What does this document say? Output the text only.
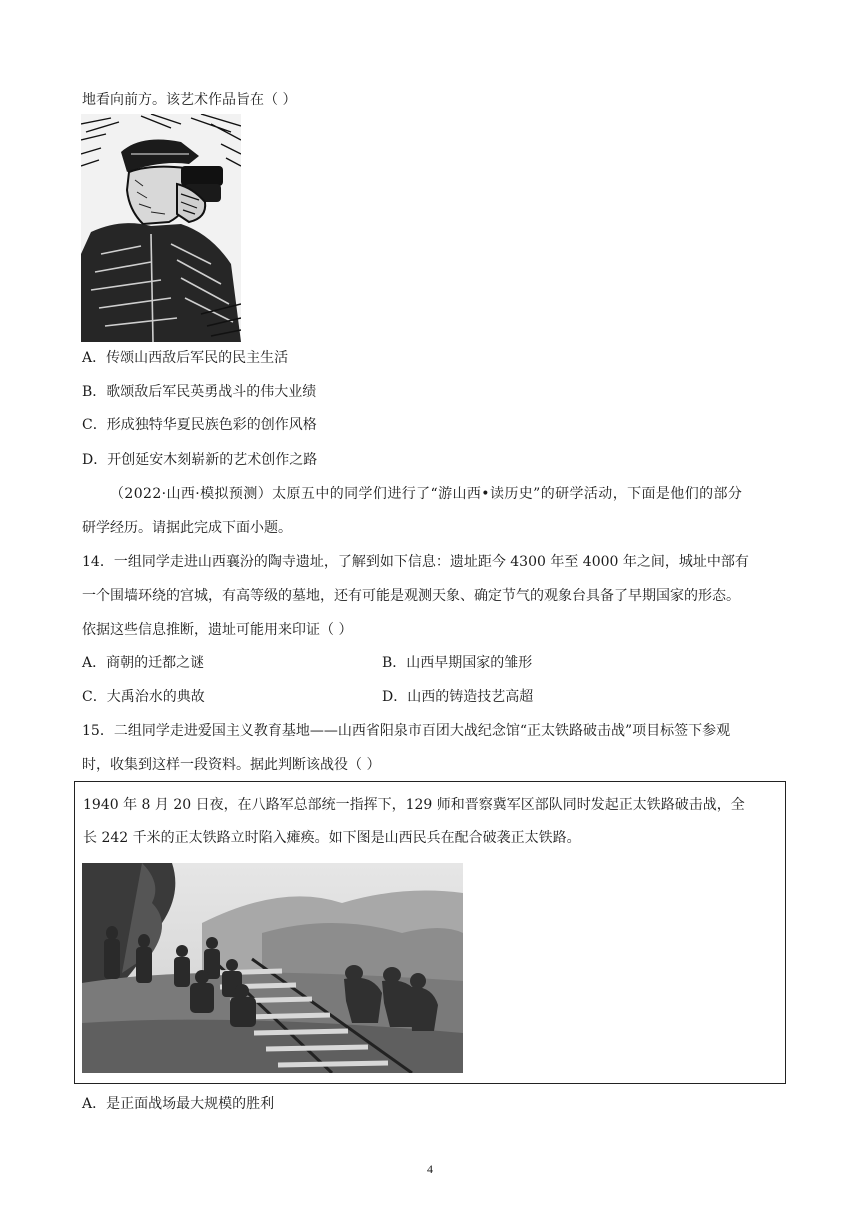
地看向前方。该艺术作品旨在（ ）
A．传颂山西敌后军民的民主生活
B．歌颂敌后军民英勇战斗的伟大业绩
C．形成独特华夏民族色彩的创作风格
D．开创延安木刻崭新的艺术创作之路
（2022·山西·模拟预测）太原五中的同学们进行了“游山西•读历史”的研学活动，下面是他们的部分
研学经历。请据此完成下面小题。
14．一组同学走进山西襄汾的陶寺遗址，了解到如下信息：遗址距今 4300 年至 4000 年之间，城址中部有
一个围墙环绕的宫城，有高等级的墓地，还有可能是观测天象、确定节气的观象台具备了早期国家的形态。
依据这些信息推断，遗址可能用来印证（ ）
A．商朝的迁都之谜	B．山西早期国家的雏形
C．大禹治水的典故	D．山西的铸造技艺高超
15．二组同学走进爱国主义教育基地——山西省阳泉市百团大战纪念馆“正太铁路破击战”项目标签下参观
时，收集到这样一段资料。据此判断该战役（ ）
1940 年 8 月 20 日夜，在八路军总部统一指挥下，129 师和晋察冀军区部队同时发起正太铁路破击战，全
长 242 千米的正太铁路立时陷入瘫痪。如下图是山西民兵在配合破袭正太铁路。
A．是正面战场最大规模的胜利
4
